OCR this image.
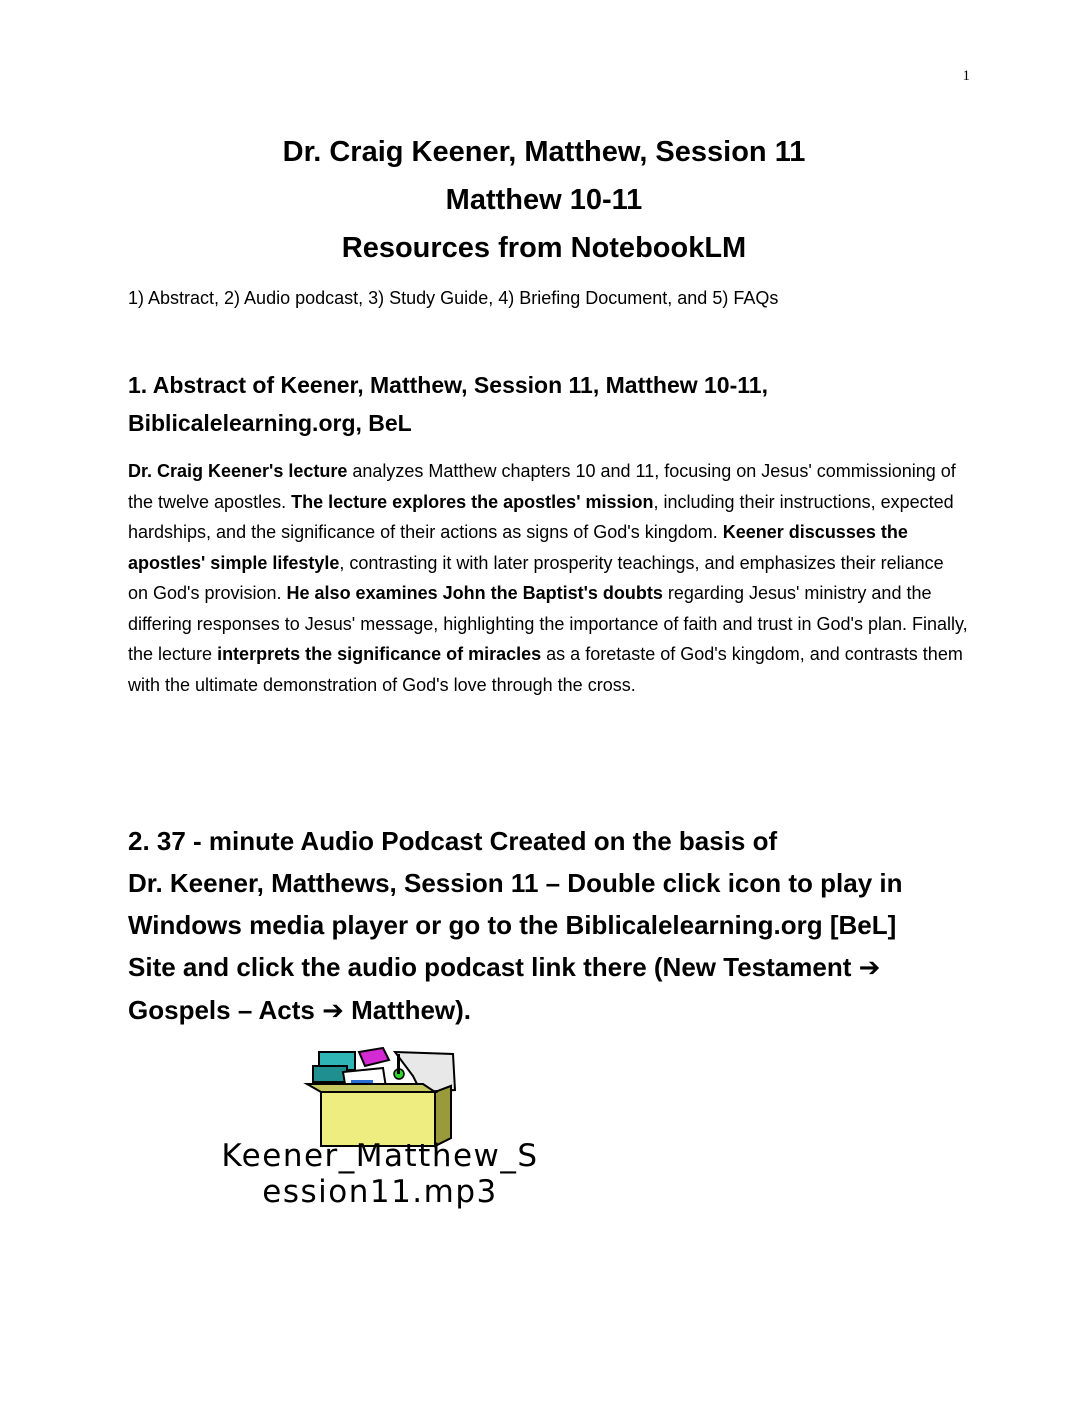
1
Dr. Craig Keener, Matthew, Session 11
Matthew 10-11
Resources from NotebookLM
1) Abstract, 2) Audio podcast, 3) Study Guide, 4) Briefing Document, and 5) FAQs
1. Abstract of Keener, Matthew, Session 11, Matthew 10-11,
Biblicalelearning.org, BeL
Dr. Craig Keener's lecture analyzes Matthew chapters 10 and 11, focusing on Jesus' commissioning of the twelve apostles. The lecture explores the apostles' mission, including their instructions, expected hardships, and the significance of their actions as signs of God's kingdom. Keener discusses the apostles' simple lifestyle, contrasting it with later prosperity teachings, and emphasizes their reliance on God's provision. He also examines John the Baptist's doubts regarding Jesus' ministry and the differing responses to Jesus' message, highlighting the importance of faith and trust in God's plan. Finally, the lecture interprets the significance of miracles as a foretaste of God's kingdom, and contrasts them with the ultimate demonstration of God's love through the cross.
2. 37 - minute Audio Podcast Created on the basis of
Dr. Keener, Matthews, Session 11 – Double click icon to play in
Windows media player or go to the Biblicalelearning.org [BeL]
Site and click the audio podcast link there (New Testament ➔
Gospels – Acts ➔ Matthew).
Keener_Matthew_S
ession11.mp3
